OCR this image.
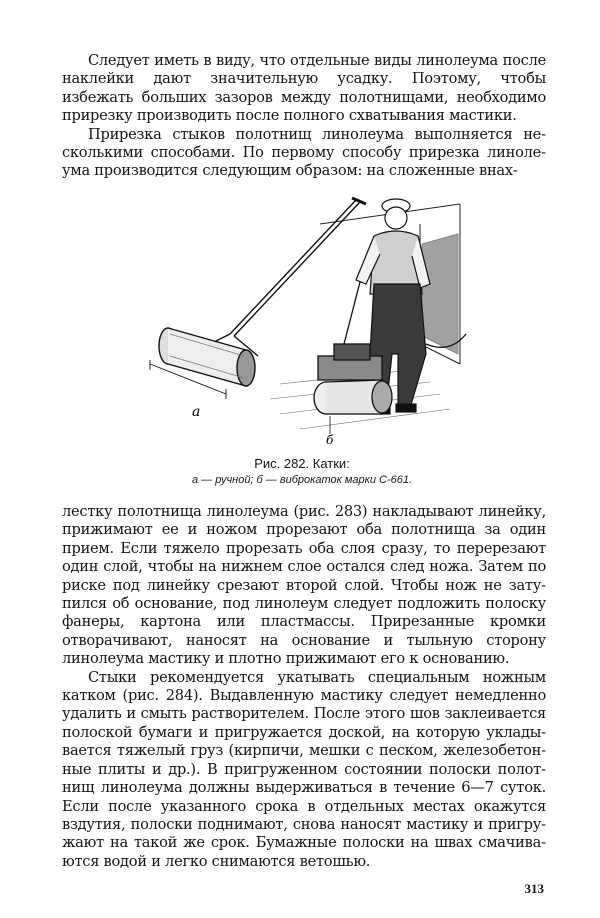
Следует иметь в виду, что отдельные виды линолеума после наклейки дают значительную усадку. Поэтому, чтобы избежать больших зазоров между полотнищами, необходимо прирезку производить после полного схватывания мастики.

Прирезка стыков полотнищ линолеума выполняется несколькими способами. По первому способу прирезка линолеума производится следующим образом: на сложенные внах-

а
б
Рис. 282. Катки:
а — ручной; б — виброкаток марки С-661.

лестку полотнища линолеума (рис. 283) накладывают линейку, прижимают ее и ножом прорезают оба полотнища за один прием. Если тяжело прорезать оба слоя сразу, то перерезают один слой, чтобы на нижнем слое остался след ножа. Затем по риске под линейку срезают второй слой. Чтобы нож не затупился об основание, под линолеум следует подложить полоску фанеры, картона или пластмассы. Прирезанные кромки отворачивают, наносят на основание и тыльную сторону линолеума мастику и плотно прижимают его к основанию.

Стыки рекомендуется укатывать специальным ножным катком (рис. 284). Выдавленную мастику следует немедленно удалить и смыть растворителем. После этого шов заклеивается полоской бумаги и пригружается доской, на которую укладывается тяжелый груз (кирпичи, мешки с песком, железобетонные плиты и др.). В пригруженном состоянии полоски полотнищ линолеума должны выдерживаться в течение 6—7 суток. Если после указанного срока в отдельных местах окажутся вздутия, полоски поднимают, снова наносят мастику и пригружают на такой же срок. Бумажные полоски на швах смачиваются водой и легко снимаются ветошью.

313
